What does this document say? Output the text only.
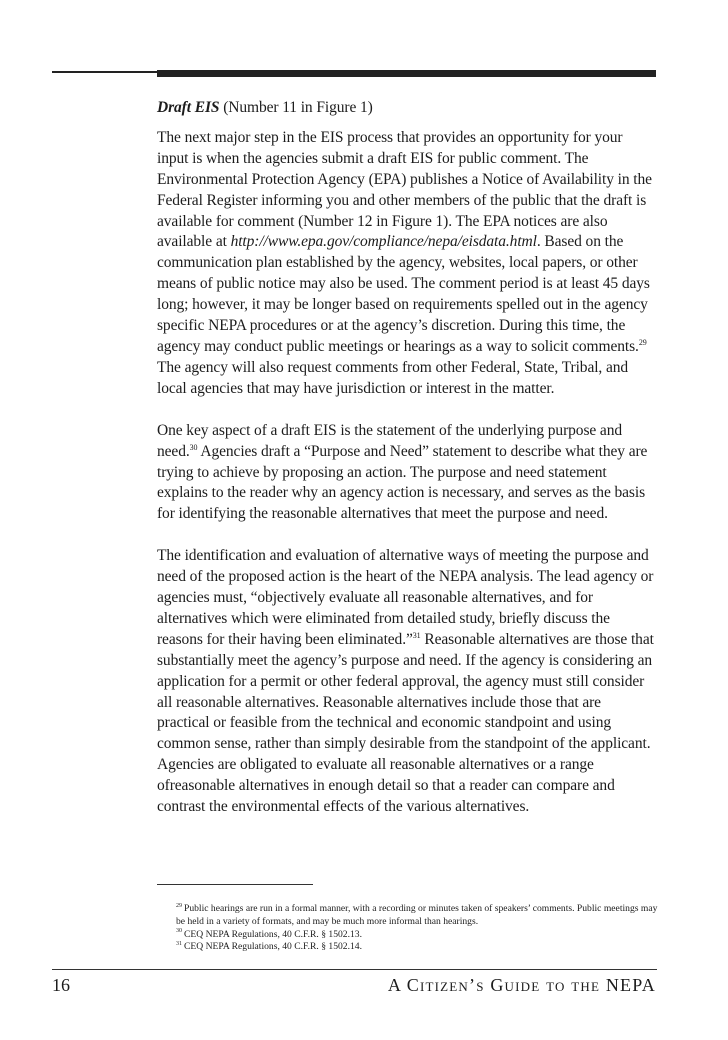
Draft EIS (Number 11 in Figure 1)

The next major step in the EIS process that provides an opportunity for your input is when the agencies submit a draft EIS for public comment. The Environmental Protection Agency (EPA) publishes a Notice of Availability in the Federal Register informing you and other members of the public that the draft is available for comment (Number 12 in Figure 1). The EPA notices are also available at http://www.epa.gov/compliance/nepa/eisdata.html. Based on the communication plan established by the agency, websites, local papers, or other means of public notice may also be used. The comment period is at least 45 days long; however, it may be longer based on requirements spelled out in the agency specific NEPA procedures or at the agency’s discretion. During this time, the agency may conduct public meetings or hearings as a way to solicit comments.$^{29}$ The agency will also request comments from other Federal, State, Tribal, and local agencies that may have jurisdiction or interest in the matter.

One key aspect of a draft EIS is the statement of the underlying purpose and need.$^{30}$ Agencies draft a “Purpose and Need” statement to describe what they are trying to achieve by proposing an action. The purpose and need statement explains to the reader why an agency action is necessary, and serves as the basis for identifying the reasonable alternatives that meet the purpose and need.

The identification and evaluation of alternative ways of meeting the purpose and need of the proposed action is the heart of the NEPA analysis. The lead agency or agencies must, “objectively evaluate all reasonable alternatives, and for alternatives which were eliminated from detailed study, briefly discuss the reasons for their having been eliminated.”$^{31}$ Reasonable alternatives are those that substantially meet the agency’s purpose and need. If the agency is considering an application for a permit or other federal approval, the agency must still consider all reasonable alternatives. Reasonable alternatives include those that are practical or feasible from the technical and economic standpoint and using common sense, rather than simply desirable from the standpoint of the applicant. Agencies are obligated to evaluate all reasonable alternatives or a range ofreasonable alternatives in enough detail so that a reader can compare and contrast the environmental effects of the various alternatives.

$^{29}$ Public hearings are run in a formal manner, with a recording or minutes taken of speakers’ comments. Public meetings may be held in a variety of formats, and may be much more informal than hearings.

$^{30}$ CEQ NEPA Regulations, 40 C.F.R. § 1502.13.

$^{31}$ CEQ NEPA Regulations, 40 C.F.R. § 1502.14.

16	A Citizen’s Guide to the NEPA
